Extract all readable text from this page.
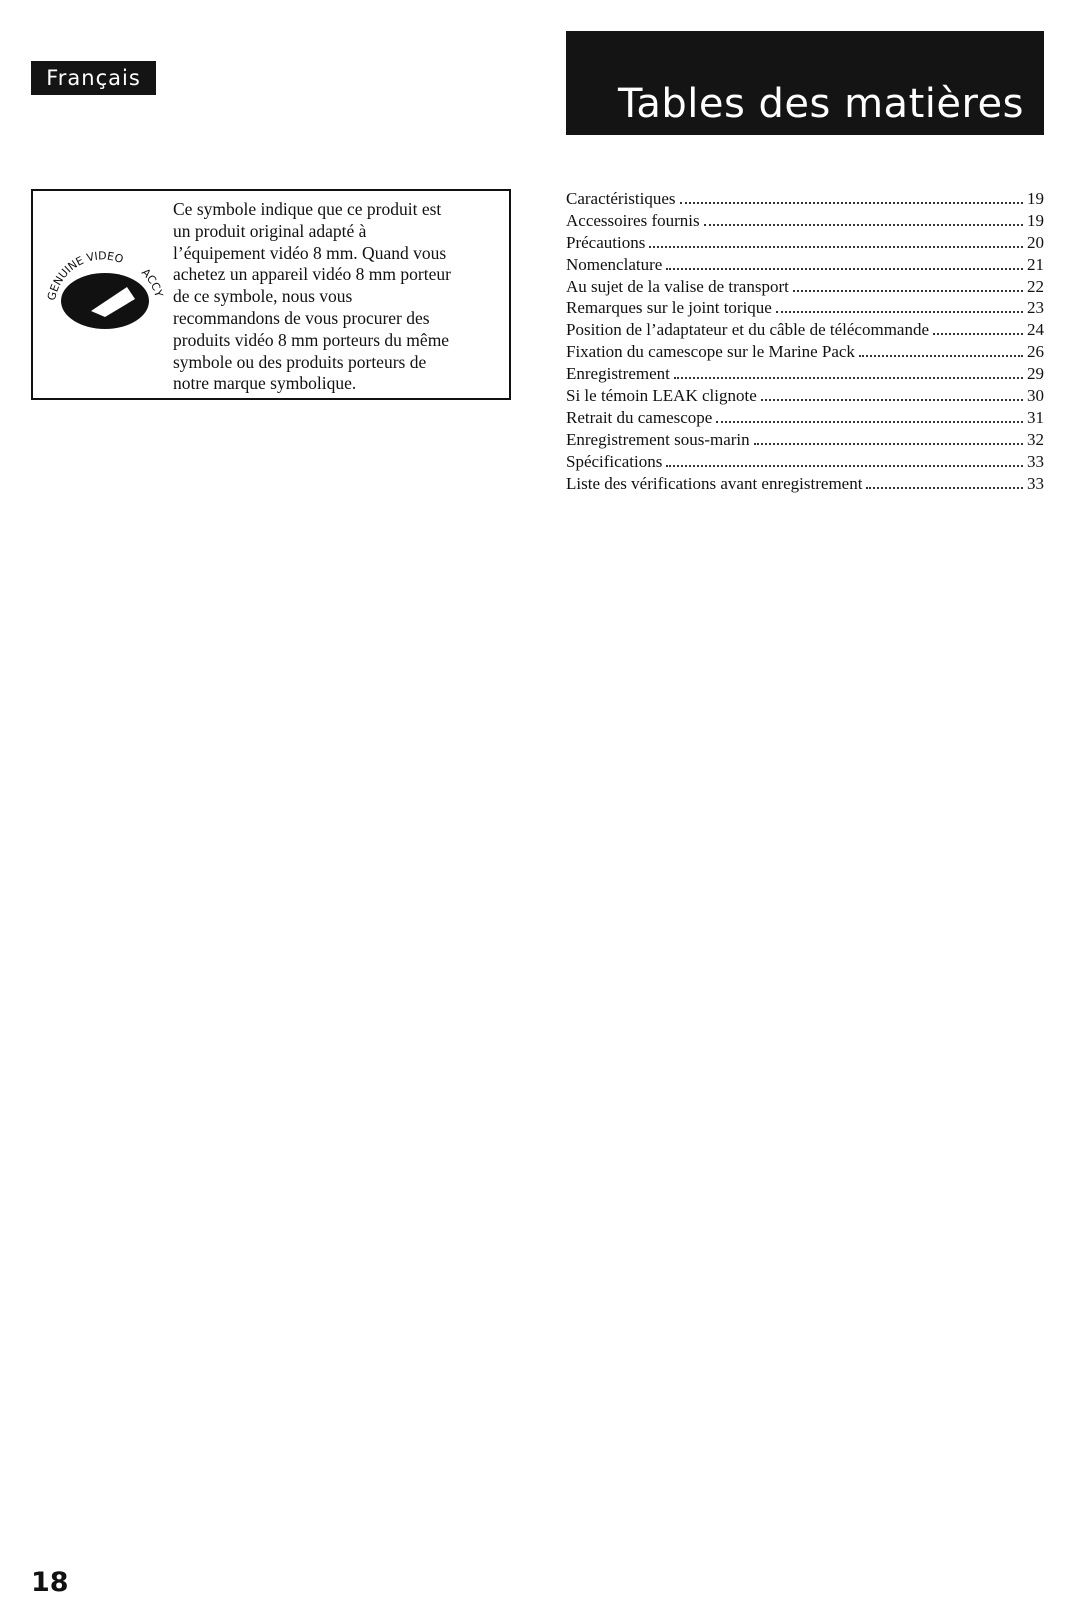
Français
Tables des matières
GENUINE VIDEO
ACCY

Ce symbole indique que ce produit est
un produit original adapté à
l’équipement vidéo 8 mm. Quand vous
achetez un appareil vidéo 8 mm porteur
de ce symbole, nous vous
recommandons de vous procurer des
produits vidéo 8 mm porteurs du même
symbole ou des produits porteurs de
notre marque symbolique.

Caractéristiques	19
Accessoires fournis	19
Précautions	20
Nomenclature	21
Au sujet de la valise de transport	22
Remarques sur le joint torique	23
Position de l’adaptateur et du câble de télécommande	24
Fixation du camescope sur le Marine Pack	26
Enregistrement	29
Si le témoin LEAK clignote	30
Retrait du camescope	31
Enregistrement sous-marin	32
Spécifications	33
Liste des vérifications avant enregistrement	33
18
